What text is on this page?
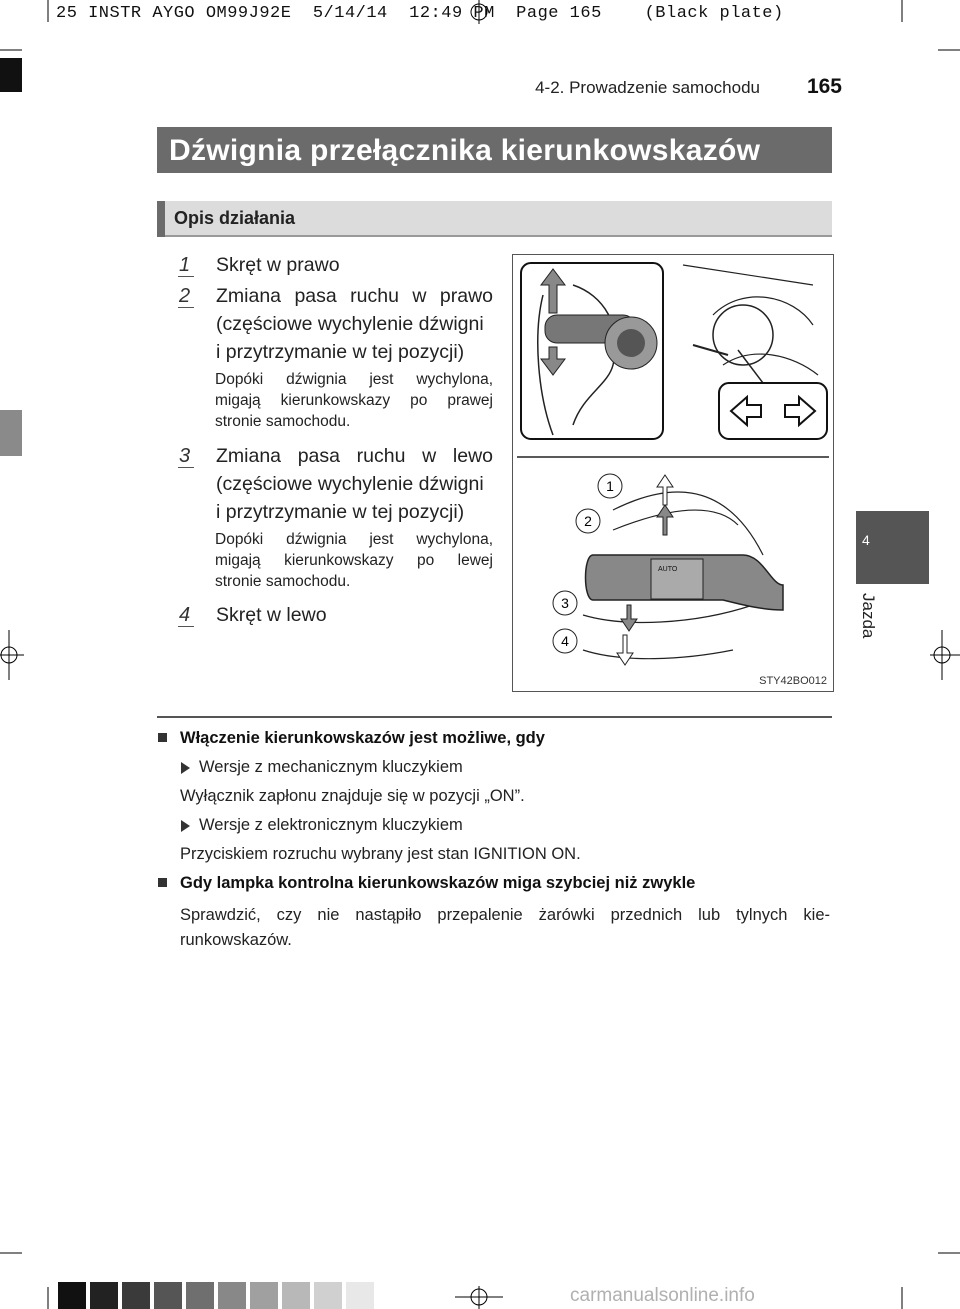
25 INSTR AYGO OM99J92E  5/14/14  12:49 PM  Page 165    (Black plate)
4-2. Prowadzenie samochodu 165
Dźwignia przełącznika kierunkowskazów
Opis działania
1 Skręt w prawo
2 Zmiana pasa ruchu w prawo
(częściowe wychylenie dźwigni
i przytrzymanie w tej pozycji)
Dopóki dźwignia jest wychylona,
migają kierunkowskazy po prawej
stronie samochodu.
3 Zmiana pasa ruchu w lewo
(częściowe wychylenie dźwigni
i przytrzymanie w tej pozycji)
Dopóki dźwignia jest wychylona,
migają kierunkowskazy po lewej
stronie samochodu.
4 Skręt w lewo
AUTO
1
2
3
4
STY42BO012
Włączenie kierunkowskazów jest możliwe, gdy
Wersje z mechanicznym kluczykiem
Wyłącznik zapłonu znajduje się w pozycji „ON”.
Wersje z elektronicznym kluczykiem
Przyciskiem rozruchu wybrany jest stan IGNITION ON.
Gdy lampka kontrolna kierunkowskazów miga szybciej niż zwykle
Sprawdzić, czy nie nastąpiło przepalenie żarówki przednich lub tylnych kie-
runkowskazów.
4
Jazda
carmanualsonline.info
